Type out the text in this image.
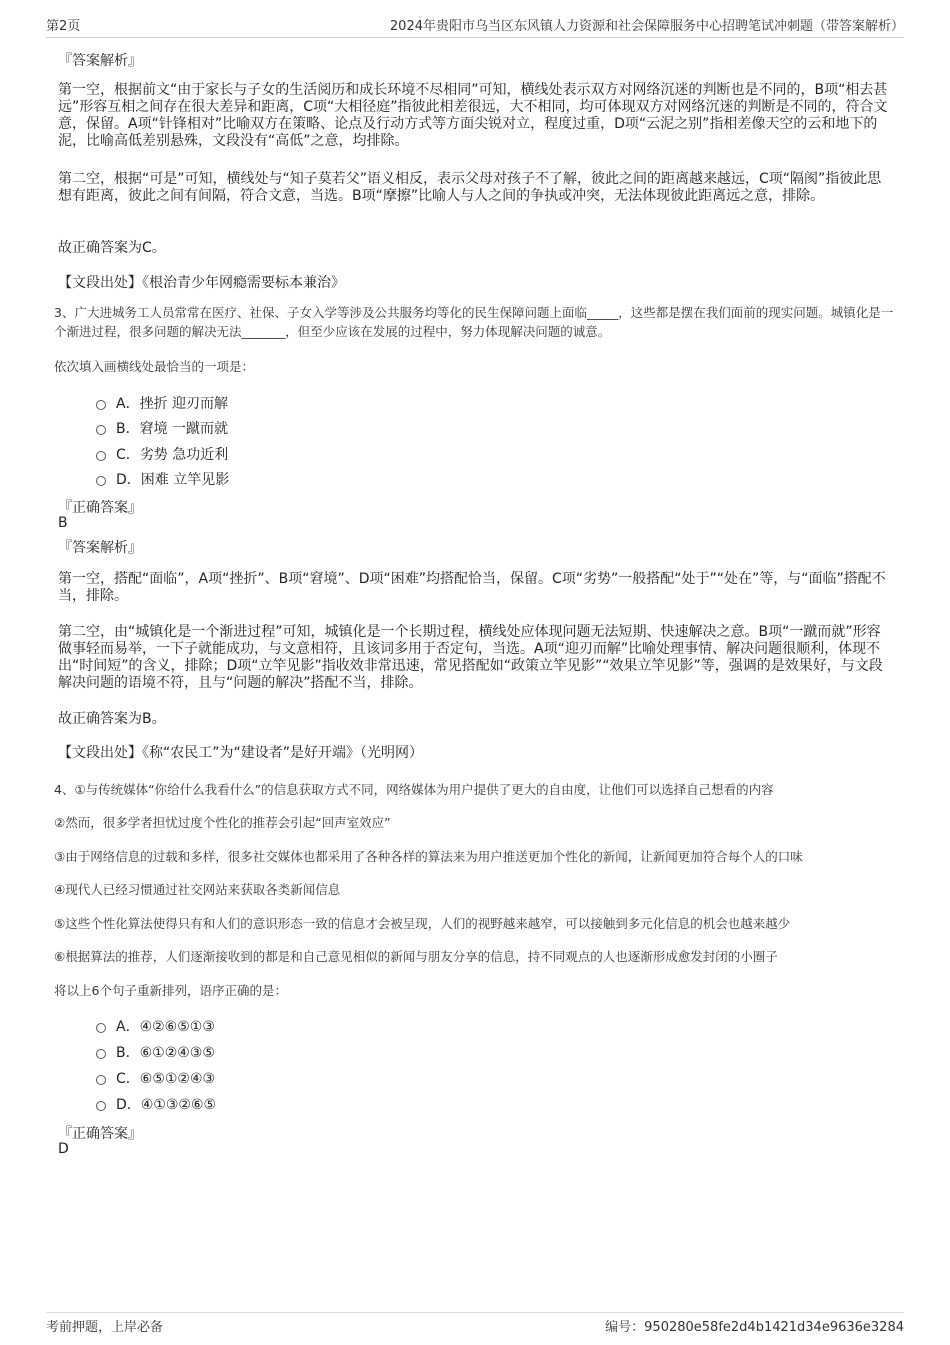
第2页	2024年贵阳市乌当区东风镇人力资源和社会保障服务中心招聘笔试冲刺题（带答案解析）
『答案解析』
第一空，根据前文“由于家长与子女的生活阅历和成长环境不尽相同”可知，横线处表示双方对网络沉迷的判断也是不同的，B项“相去甚远”形容互相之间存在很大差异和距离，C项“大相径庭”指彼此相差很远，大不相同，均可体现双方对网络沉迷的判断是不同的，符合文意，保留。A项“针锋相对”比喻双方在策略、论点及行动方式等方面尖锐对立，程度过重，D项“云泥之别”指相差像天空的云和地下的泥，比喻高低差别悬殊，文段没有“高低”之意，均排除。
第二空，根据“可是”可知，横线处与“知子莫若父”语义相反，表示父母对孩子不了解，彼此之间的距离越来越远，C项“隔阂”指彼此思想有距离，彼此之间有间隔，符合文意，当选。B项“摩擦”比喻人与人之间的争执或冲突，无法体现彼此距离远之意，排除。
故正确答案为C。
【文段出处】《根治青少年网瘾需要标本兼治》
3、广大进城务工人员常常在医疗、社保、子女入学等涉及公共服务均等化的民生保障问题上面临_____，这些都是摆在我们面前的现实问题。城镇化是一个渐进过程，很多问题的解决无法_______，但至少应该在发展的过程中，努力体现解决问题的诚意。
依次填入画横线处最恰当的一项是：
A．挫折 迎刃而解
B．窘境 一蹴而就
C．劣势 急功近利
D．困难 立竿见影
『正确答案』
B
『答案解析』
第一空，搭配“面临”，A项“挫折”、B项“窘境”、D项“困难”均搭配恰当，保留。C项“劣势”一般搭配“处于”“处在”等，与“面临”搭配不当，排除。
第二空，由“城镇化是一个渐进过程”可知，城镇化是一个长期过程，横线处应体现问题无法短期、快速解决之意。B项“一蹴而就”形容做事轻而易举，一下子就能成功，与文意相符，且该词多用于否定句，当选。A项“迎刃而解”比喻处理事情、解决问题很顺利，体现不出“时间短”的含义，排除；D项“立竿见影”指收效非常迅速，常见搭配如“政策立竿见影”“效果立竿见影”等，强调的是效果好，与文段解决问题的语境不符，且与“问题的解决”搭配不当，排除。
故正确答案为B。
【文段出处】《称“农民工”为“建设者”是好开端》（光明网）
4、①与传统媒体“你给什么我看什么”的信息获取方式不同，网络媒体为用户提供了更大的自由度，让他们可以选择自己想看的内容
②然而，很多学者担忧过度个性化的推荐会引起“回声室效应”
③由于网络信息的过载和多样，很多社交媒体也都采用了各种各样的算法来为用户推送更加个性化的新闻，让新闻更加符合每个人的口味
④现代人已经习惯通过社交网站来获取各类新闻信息
⑤这些个性化算法使得只有和人们的意识形态一致的信息才会被呈现，人们的视野越来越窄，可以接触到多元化信息的机会也越来越少
⑥根据算法的推荐，人们逐渐接收到的都是和自己意见相似的新闻与朋友分享的信息，持不同观点的人也逐渐形成愈发封闭的小圈子
将以上6个句子重新排列，语序正确的是：
A．④②⑥⑤①③
B．⑥①②④③⑤
C．⑥⑤①②④③
D．④①③②⑥⑤
『正确答案』
D
考前押题，上岸必备	编号：950280e58fe2d4b1421d34e9636e3284
